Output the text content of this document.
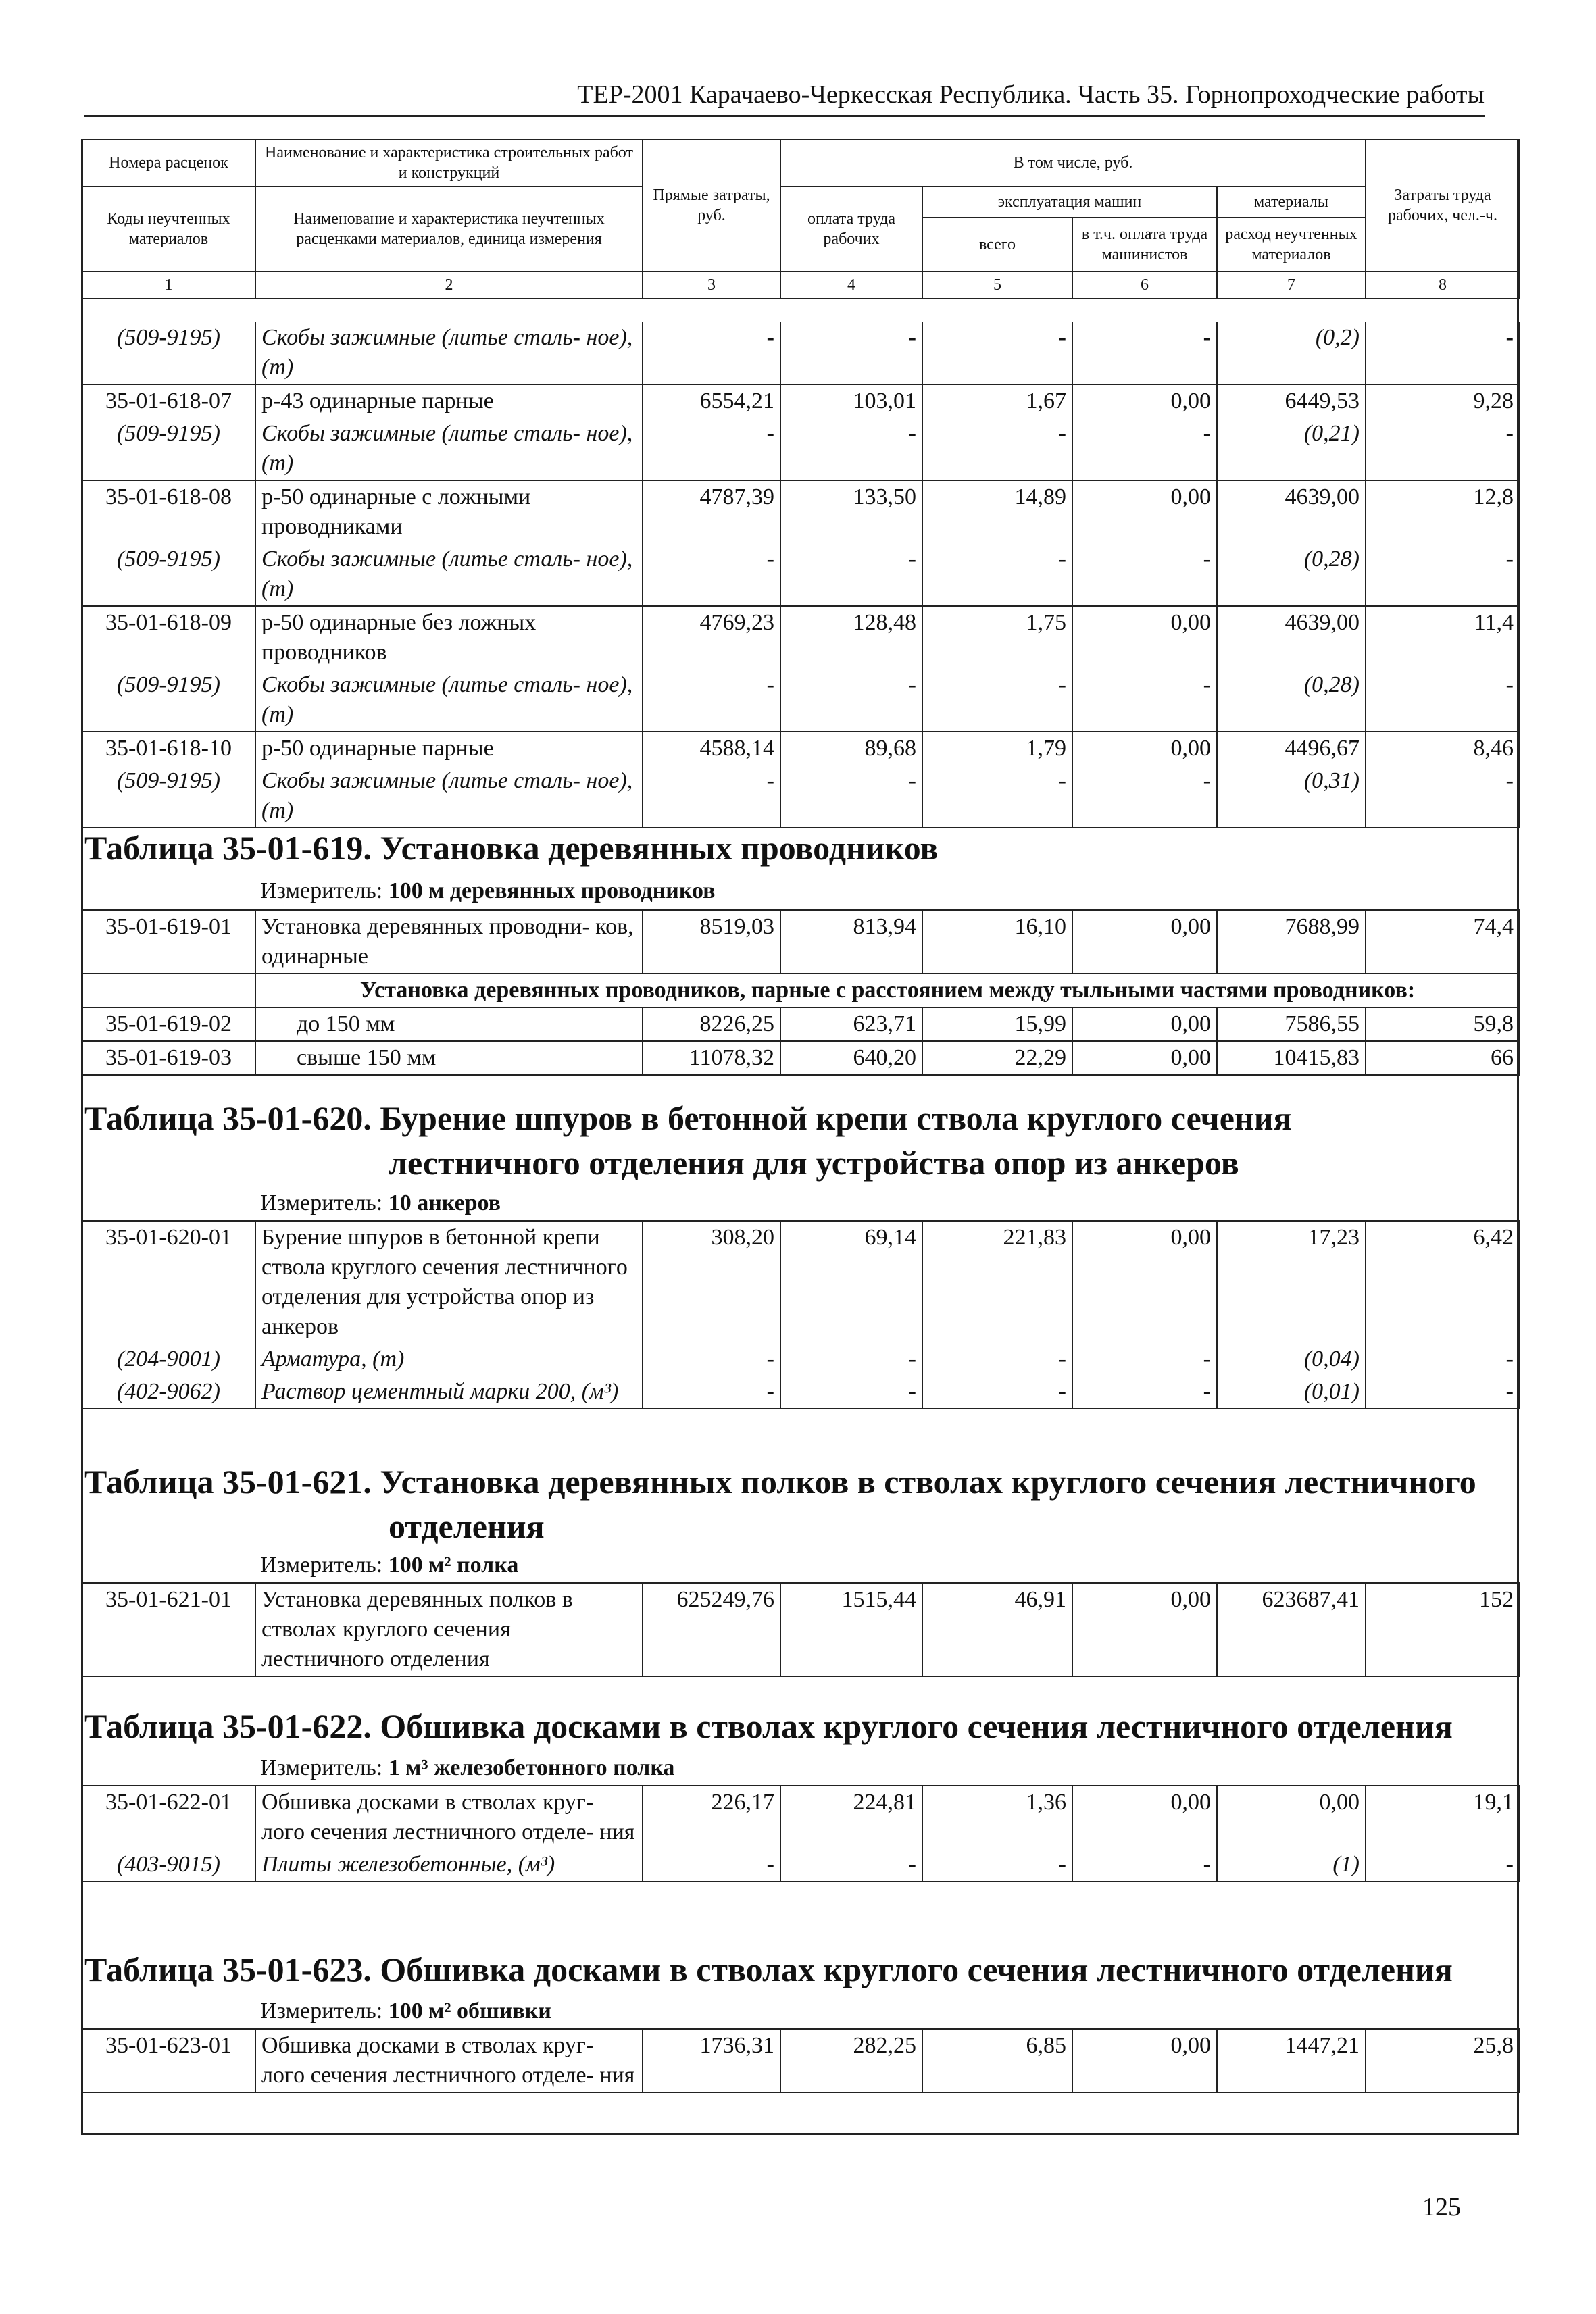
ТЕР-2001 Карачаево-Черкесская Республика. Часть 35. Горнопроходческие работы
Номера расценок	Наименование и характеристика строительных работ и конструкций	Прямые затраты, руб.	В том числе, руб.				Затраты труда рабочих, чел.-ч.
Коды неучтенных материалов	Наименование и характеристика неучтенных расценками материалов, единица измерения		оплата труда рабочих	эксплуатация машин		материалы	
				всего	в т.ч. оплата труда машинистов	расход неучтенных материалов	
1	2	3	4	5	6	7	8
(509-9195)	Скобы зажимные (литье сталь- ное), (т)	-	-	-	-	(0,2)	-
35-01-618-07	р-43 одинарные парные	6554,21	103,01	1,67	0,00	6449,53	9,28
(509-9195)	Скобы зажимные (литье сталь- ное), (т)	-	-	-	-	(0,21)	-
35-01-618-08	р-50 одинарные с ложными проводниками	4787,39	133,50	14,89	0,00	4639,00	12,8
(509-9195)	Скобы зажимные (литье сталь- ное), (т)	-	-	-	-	(0,28)	-
35-01-618-09	р-50 одинарные без ложных проводников	4769,23	128,48	1,75	0,00	4639,00	11,4
(509-9195)	Скобы зажимные (литье сталь- ное), (т)	-	-	-	-	(0,28)	-
35-01-618-10	р-50 одинарные парные	4588,14	89,68	1,79	0,00	4496,67	8,46
(509-9195)	Скобы зажимные (литье сталь- ное), (т)	-	-	-	-	(0,31)	-
Таблица 35-01-619. Установка деревянных проводников
Измеритель: 100 м деревянных проводников
35-01-619-01	Установка деревянных проводни- ков, одинарные	8519,03	813,94	16,10	0,00	7688,99	74,4
	Установка деревянных проводников, парные с расстоянием между тыльными частями проводников:						
35-01-619-02	до 150 мм	8226,25	623,71	15,99	0,00	7586,55	59,8
35-01-619-03	свыше 150 мм	11078,32	640,20	22,29	0,00	10415,83	66
Таблица 35-01-620. Бурение шпуров в бетонной крепи ствола круглого сечения
лестничного отделения для устройства опор из анкеров
Измеритель: 10 анкеров
35-01-620-01	Бурение шпуров в бетонной крепи ствола круглого сечения лестничного отделения для устройства опор из анкеров	308,20	69,14	221,83	0,00	17,23	6,42
(204-9001)	Арматура, (т)	-	-	-	-	(0,04)	-
(402-9062)	Раствор цементный марки 200, (м³)	-	-	-	-	(0,01)	-
Таблица 35-01-621. Установка деревянных полков в стволах круглого сечения лестничного
отделения
Измеритель: 100 м² полка
35-01-621-01	Установка деревянных полков в стволах круглого сечения лестничного отделения	625249,76	1515,44	46,91	0,00	623687,41	152
Таблица 35-01-622. Обшивка досками в стволах круглого сечения лестничного отделения
Измеритель: 1 м³ железобетонного полка
35-01-622-01	Обшивка досками в стволах круг- лого сечения лестничного отделе- ния	226,17	224,81	1,36	0,00	0,00	19,1
(403-9015)	Плиты железобетонные, (м³)	-	-	-	-	(1)	-
Таблица 35-01-623. Обшивка досками в стволах круглого сечения лестничного отделения
Измеритель: 100 м² обшивки
35-01-623-01	Обшивка досками в стволах круг- лого сечения лестничного отделе- ния	1736,31	282,25	6,85	0,00	1447,21	25,8
125
